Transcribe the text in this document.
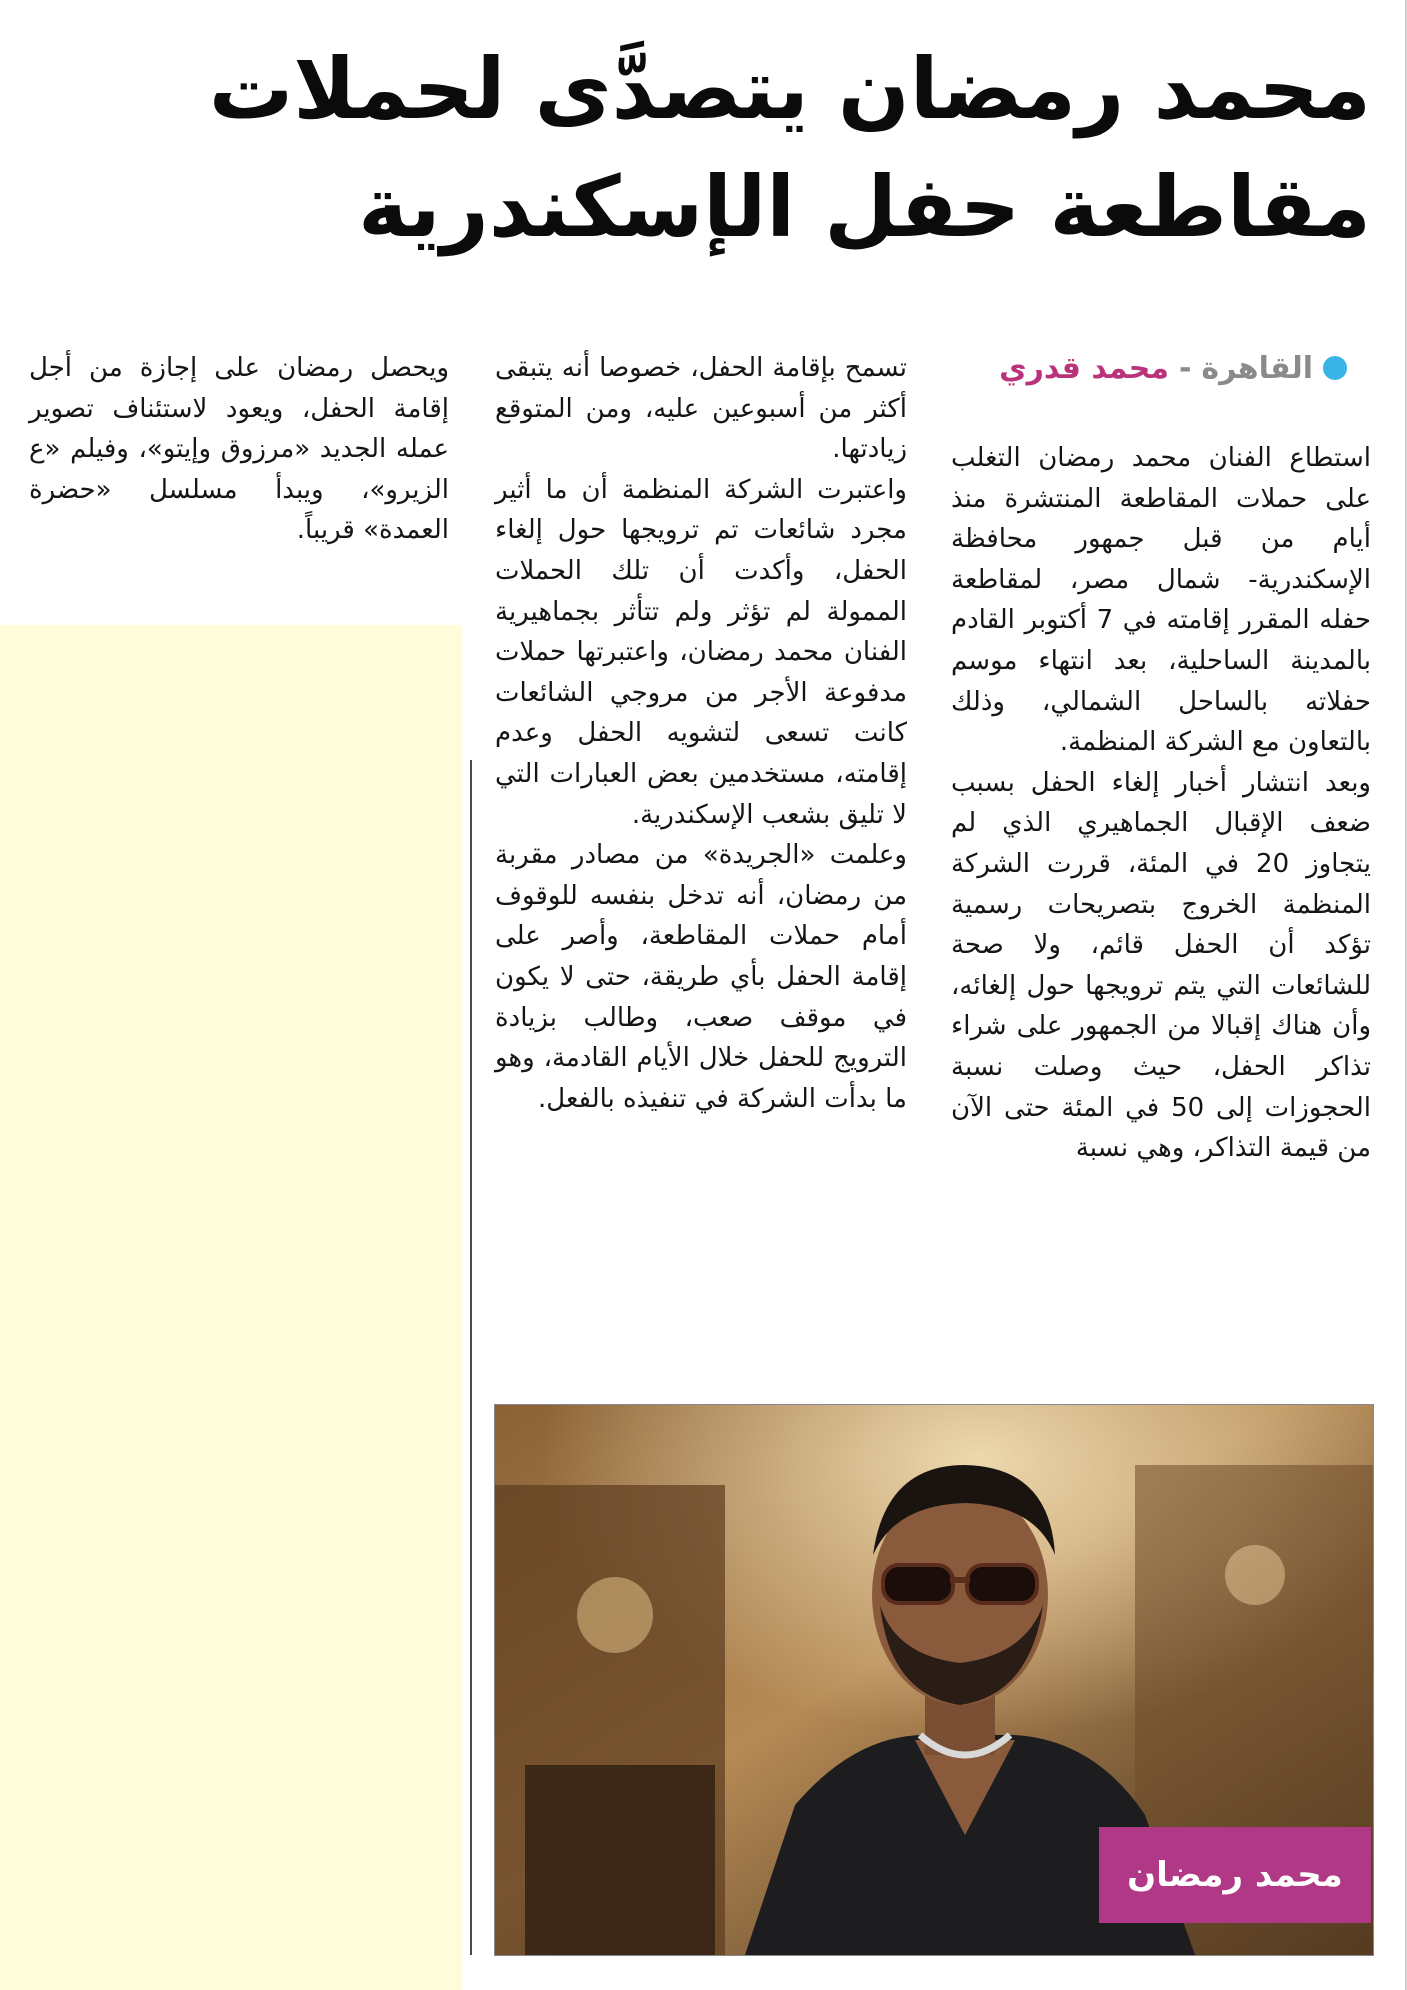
محمد رمضان يتصدَّى لحملات
مقاطعة حفل الإسكندرية
القاهرة
-
محمد قدري

استطاع الفنان محمد رمضان التغلب على حملات المقاطعة المنتشرة منذ أيام من قبل جمهور محافظة الإسكندرية- شمال مصر، لمقاطعة حفله المقرر إقامته في 7 أكتوبر القادم بالمدينة الساحلية، بعد انتهاء موسم حفلاته بالساحل الشمالي، وذلك بالتعاون مع الشركة المنظمة.

وبعد انتشار أخبار إلغاء الحفل بسبب ضعف الإقبال الجماهيري الذي لم يتجاوز 20 في المئة، قررت الشركة المنظمة الخروج بتصريحات رسمية تؤكد أن الحفل قائم، ولا صحة للشائعات التي يتم ترويجها حول إلغائه، وأن هناك إقبالا من الجمهور على شراء تذاكر الحفل، حيث وصلت نسبة الحجوزات إلى 50 في المئة حتى الآن من قيمة التذاكر، وهي نسبة

تسمح بإقامة الحفل، خصوصا أنه يتبقى أكثر من أسبوعين عليه، ومن المتوقع زيادتها.

واعتبرت الشركة المنظمة أن ما أثير مجرد شائعات تم ترويجها حول إلغاء الحفل، وأكدت أن تلك الحملات الممولة لم تؤثر ولم تتأثر بجماهيرية الفنان محمد رمضان، واعتبرتها حملات مدفوعة الأجر من مروجي الشائعات كانت تسعى لتشويه الحفل وعدم إقامته، مستخدمين بعض العبارات التي لا تليق بشعب الإسكندرية.

وعلمت «الجريدة» من مصادر مقربة من رمضان، أنه تدخل بنفسه للوقوف أمام حملات المقاطعة، وأصر على إقامة الحفل بأي طريقة، حتى لا يكون في موقف صعب، وطالب بزيادة الترويج للحفل خلال الأيام القادمة، وهو ما بدأت الشركة في تنفيذه بالفعل.

ويحصل رمضان على إجازة من أجل إقامة الحفل، ويعود لاستئناف تصوير عمله الجديد «مرزوق وإيتو»، وفيلم «ع الزيرو»، ويبدأ مسلسل «حضرة العمدة» قريباً.

محمد رمضان
